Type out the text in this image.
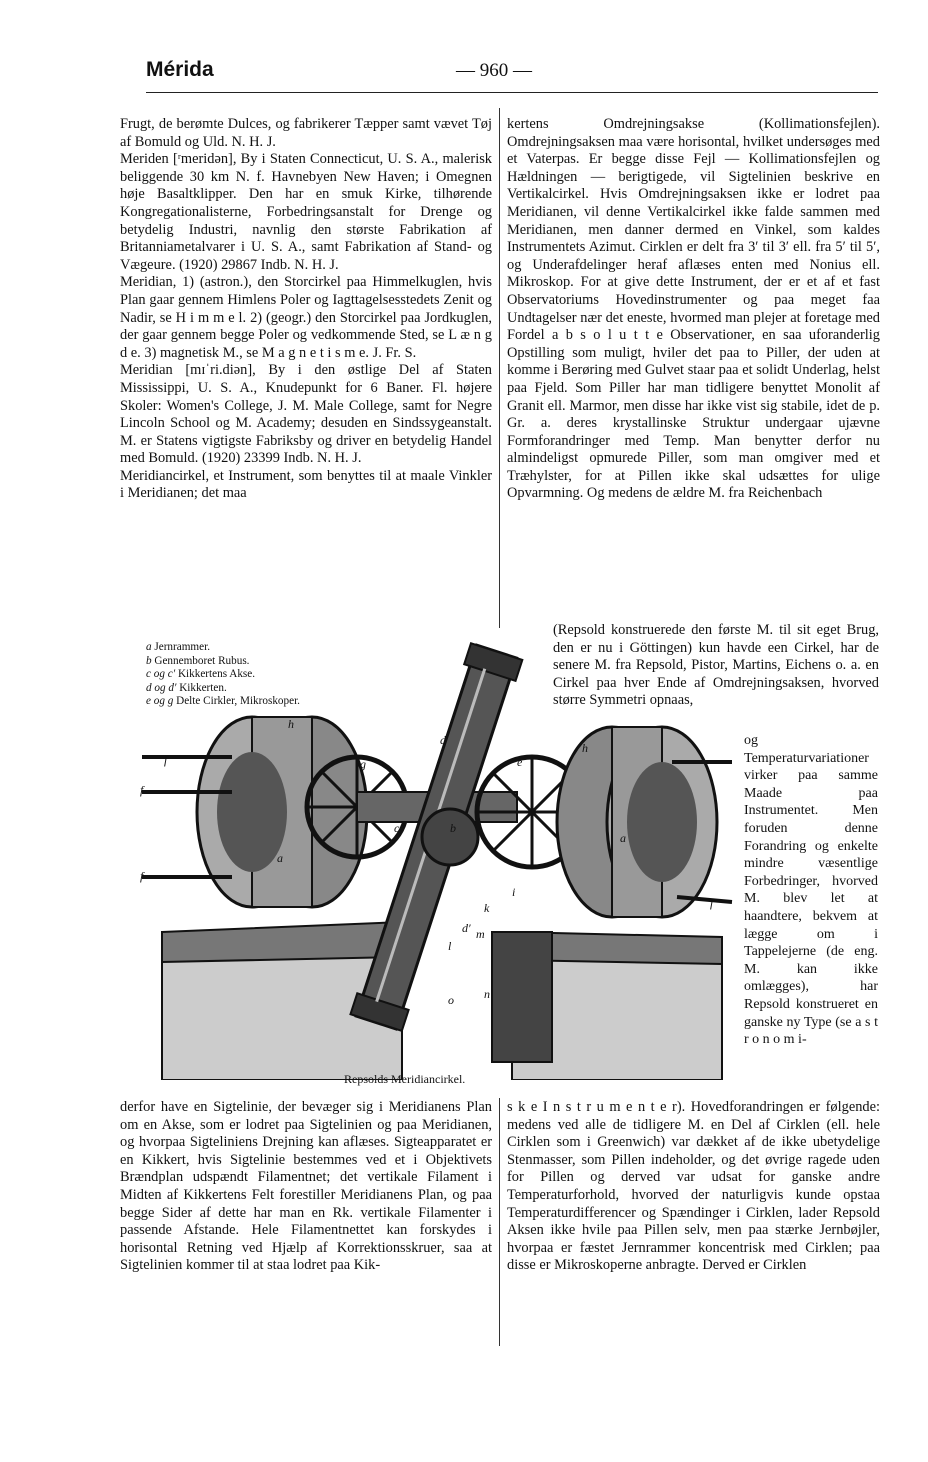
Mérida	— 960 —

Frugt, de berømte Dulces, og fabrikerer Tæpper samt vævet Tøj af Bomuld og Uld. N. H. J.

Meriden [ʳmeridən], By i Staten Connecticut, U. S. A., malerisk beliggende 30 km N. f. Havnebyen New Haven; i Omegnen høje Basaltklipper. Den har en smuk Kirke, tilhørende Kongregationalisterne, Forbedringsanstalt for Drenge og betydelig Industri, navnlig den største Fabrikation af Britanniametalvarer i U. S. A., samt Fabrikation af Stand- og Vægeure. (1920) 29867 Indb. N. H. J.

Meridian, 1) (astron.), den Storcirkel paa Himmelkuglen, hvis Plan gaar gennem Himlens Poler og Iagttagelsesstedets Zenit og Nadir, se H i m m e l. 2) (geogr.) den Storcirkel paa Jordkuglen, der gaar gennem begge Poler og vedkommende Sted, se L æ n g d e. 3) magnetisk M., se M a g n e t i s m e. J. Fr. S.

Meridian [mɪˈri.diən], By i den østlige Del af Staten Mississippi, U. S. A., Knudepunkt for 6 Baner. Fl. højere Skoler: Women's College, J. M. Male College, samt for Negre Lincoln School og M. Academy; desuden en Sindssygeanstalt. M. er Statens vigtigste Fabriksby og driver en betydelig Handel med Bomuld. (1920) 23399 Indb. N. H. J.

Meridiancirkel, et Instrument, som benyttes til at maale Vinkler i Meridianen; det maa

kertens Omdrejningsakse (Kollimationsfejlen). Omdrejningsaksen maa være horisontal, hvilket undersøges med et Vaterpas. Er begge disse Fejl — Kollimationsfejlen og Hældningen — berigtigede, vil Sigtelinien beskrive en Vertikalcirkel. Hvis Omdrejningsaksen ikke er lodret paa Meridianen, vil denne Vertikalcirkel ikke falde sammen med Meridianen, men danner dermed en Vinkel, som kaldes Instrumentets Azimut. Cirklen er delt fra 3′ til 3′ ell. fra 5′ til 5′, og Underafdelinger heraf aflæses enten med Nonius ell. Mikroskop. For at give dette Instrument, der er et af et fast Observatoriums Hovedinstrumenter og paa meget faa Undtagelser nær det eneste, hvormed man plejer at foretage med Fordel a b s o l u t t e Observationer, en saa uforanderlig Opstilling som muligt, hviler det paa to Piller, der uden at komme i Berøring med Gulvet staar paa et solidt Underlag, helst paa Fjeld. Som Piller har man tidligere benyttet Monolit af Granit ell. Marmor, men disse har ikke vist sig stabile, idet de p. Gr. a. deres krystallinske Struktur undergaar ujævne Formforandringer med Temp. Man benytter derfor nu almindeligst opmurede Piller, som man omgiver med et Træhylster, for at Pillen ikke skal udsættes for ulige Opvarmning. Og medens de ældre M. fra Reichenbach

(Repsold konstruerede den første M. til sit eget Brug, den er nu i Göttingen) kun havde een Cirkel, har de senere M. fra Repsold, Pistor, Martins, Eichens o. a. en Cirkel paa hver Ende af Omdrejningsaksen, hvorved større Symmetri opnaas,

og Temperaturvariationer virker paa samme Maade paa Instrumentet. Men foruden denne Forandring og enkelte mindre væsentlige Forbedringer, hvorved M. blev let at haandtere, bekvem at lægge om i Tappelejerne (de eng. M. kan ikke omlægges), har Repsold konstrueret en ganske ny Type (se a s t r o n o m i-

a Jernrammer.
b Gennemboret Rubus.
c og c′ Kikkertens Akse.
d og d′ Kikkerten.
e og g Delte Cirkler, Mikroskoper.
a
a
b
c′
d
d′
e
f
f
f
f
g
h
h
i
k
l
m
n
o
Repsolds Meridiancirkel.

derfor have en Sigtelinie, der bevæger sig i Meridianens Plan om en Akse, som er lodret paa Sigtelinien og paa Meridianen, og hvorpaa Sigteliniens Drejning kan aflæses. Sigteapparatet er en Kikkert, hvis Sigtelinie bestemmes ved et i Objektivets Brændplan udspændt Filamentnet; det vertikale Filament i Midten af Kikkertens Felt forestiller Meridianens Plan, og paa begge Sider af dette har man en Rk. vertikale Filamenter i passende Afstande. Hele Filamentnettet kan forskydes i horisontal Retning ved Hjælp af Korrektionsskruer, saa at Sigtelinien kommer til at staa lodret paa Kik-

s k e I n s t r u m e n t e r). Hovedforandringen er følgende: medens ved alle de tidligere M. en Del af Cirklen (ell. hele Cirklen som i Greenwich) var dækket af de ikke ubetydelige Stenmasser, som Pillen indeholder, og det øvrige ragede uden for Pillen og derved var udsat for ganske andre Temperaturforhold, hvorved der naturligvis kunde opstaa Temperaturdifferencer og Spændinger i Cirklen, lader Repsold Aksen ikke hvile paa Pillen selv, men paa stærke Jernbøjler, hvorpaa er fæstet Jernrammer koncentrisk med Cirklen; paa disse er Mikroskoperne anbragte. Derved er Cirklen
